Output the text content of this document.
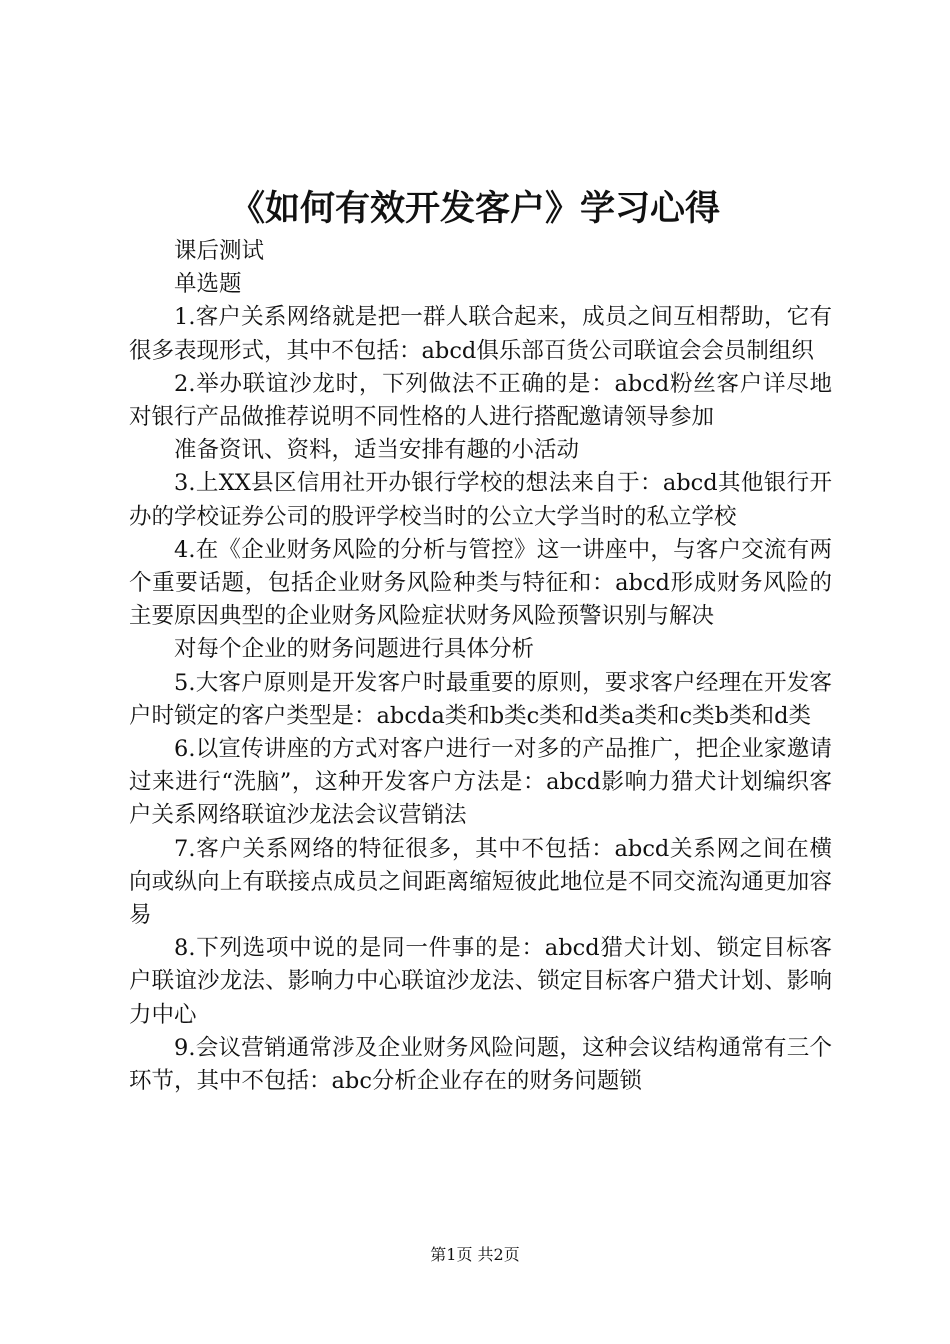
《如何有效开发客户》学习心得

课后测试

单选题

1.客户关系网络就是把一群人联合起来，成员之间互相帮助，它有很多表现形式，其中不包括：abcd俱乐部百货公司联谊会会员制组织

2.举办联谊沙龙时，下列做法不正确的是：abcd粉丝客户详尽地对银行产品做推荐说明不同性格的人进行搭配邀请领导参加

准备资讯、资料，适当安排有趣的小活动

3.上XX县区信用社开办银行学校的想法来自于：abcd其他银行开办的学校证券公司的股评学校当时的公立大学当时的私立学校

4.在《企业财务风险的分析与管控》这一讲座中，与客户交流有两个重要话题，包括企业财务风险种类与特征和：abcd形成财务风险的主要原因典型的企业财务风险症状财务风险预警识别与解决

对每个企业的财务问题进行具体分析

5.大客户原则是开发客户时最重要的原则，要求客户经理在开发客户时锁定的客户类型是：abcda类和b类c类和d类a类和c类b类和d类

6.以宣传讲座的方式对客户进行一对多的产品推广，把企业家邀请过来进行“洗脑”，这种开发客户方法是：abcd影响力猎犬计划编织客户关系网络联谊沙龙法会议营销法

7.客户关系网络的特征很多，其中不包括：abcd关系网之间在横向或纵向上有联接点成员之间距离缩短彼此地位是不同交流沟通更加容易

8.下列选项中说的是同一件事的是：abcd猎犬计划、锁定目标客户联谊沙龙法、影响力中心联谊沙龙法、锁定目标客户猎犬计划、影响力中心

9.会议营销通常涉及企业财务风险问题，这种会议结构通常有三个环节，其中不包括：abc分析企业存在的财务问题锁

第1页 共2页
